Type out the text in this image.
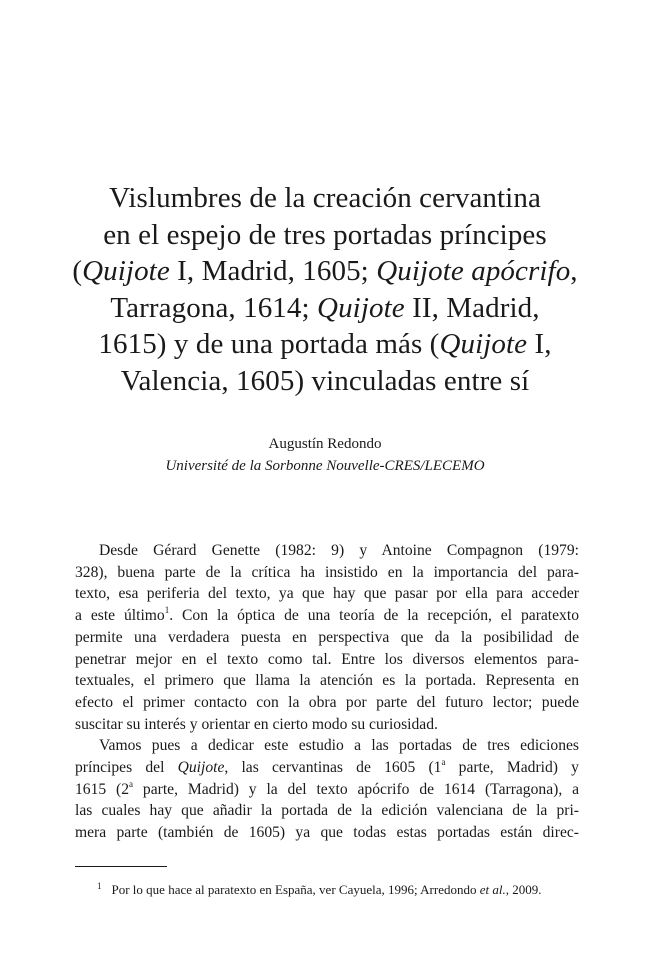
Vislumbres de la creación cervantina
en el espejo de tres portadas príncipes
(Quijote I, Madrid, 1605; Quijote apócrifo,
Tarragona, 1614; Quijote II, Madrid,
1615) y de una portada más (Quijote I,
Valencia, 1605) vinculadas entre sí
Augustín Redondo
Université de la Sorbonne Nouvelle-CRES/LECEMO
Desde Gérard Genette (1982: 9) y Antoine Compagnon (1979:
328), buena parte de la crítica ha insistido en la importancia del para-
texto, esa periferia del texto, ya que hay que pasar por ella para acceder
a este último$^1$. Con la óptica de una teoría de la recepción, el paratexto
permite una verdadera puesta en perspectiva que da la posibilidad de
penetrar mejor en el texto como tal. Entre los diversos elementos para-
textuales, el primero que llama la atención es la portada. Representa en
efecto el primer contacto con la obra por parte del futuro lector; puede
suscitar su interés y orientar en cierto modo su curiosidad.
Vamos pues a dedicar este estudio a las portadas de tres ediciones
príncipes del Quijote, las cervantinas de 1605 (1$^a$ parte, Madrid) y
1615 (2$^a$ parte, Madrid) y la del texto apócrifo de 1614 (Tarragona), a
las cuales hay que añadir la portada de la edición valenciana de la pri-
mera parte (también de 1605) ya que todas estas portadas están direc-
$^1$ Por lo que hace al paratexto en España, ver Cayuela, 1996; Arredondo et al., 2009.
